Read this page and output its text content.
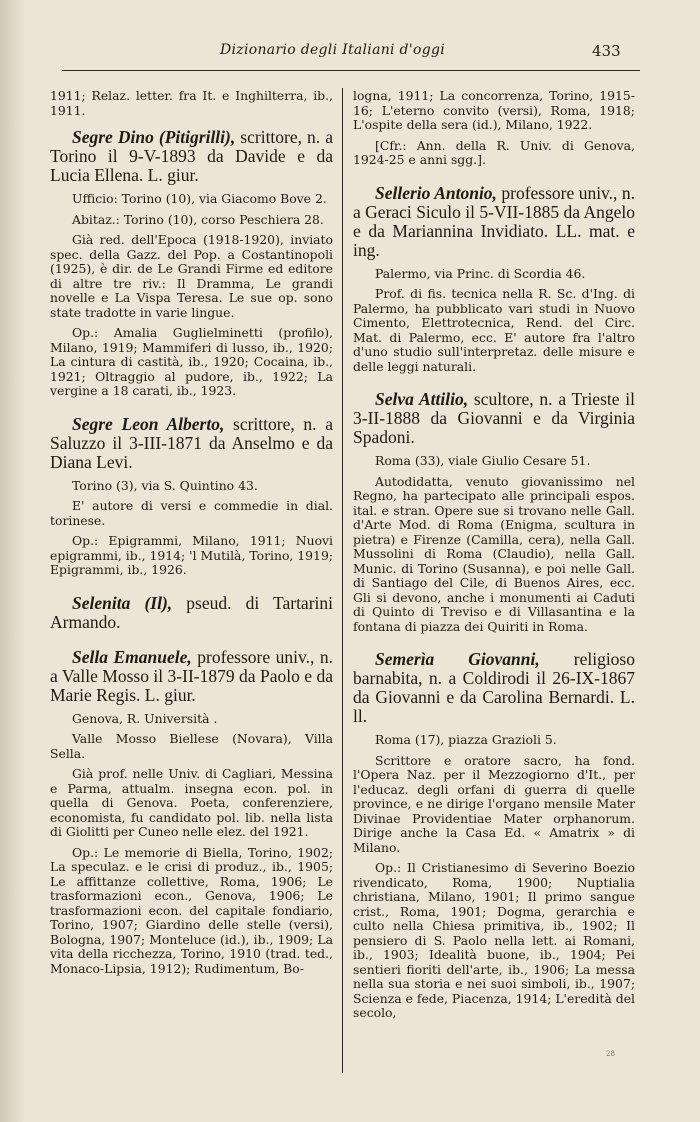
Dizionario degli Italiani d'oggi	433

1911; Relaz. letter. fra It. e Inghilterra, ib., 1911.

Segre Dino (Pitigrilli), scrittore, n. a Torino il 9-V-1893 da Davide e da Lucia Ellena. L. giur.

Ufficio: Torino (10), via Giacomo Bove 2.

Abitaz.: Torino (10), corso Peschiera 28.

Già red. dell'Epoca (1918-1920), inviato spec. della Gazz. del Pop. a Costantinopoli (1925), è dir. de Le Grandi Firme ed editore di altre tre riv.: Il Dramma, Le grandi novelle e La Vispa Teresa. Le sue op. sono state tradotte in varie lingue.

Op.: Amalia Guglielminetti (profilo), Milano, 1919; Mammiferi di lusso, ib., 1920; La cintura di castità, ib., 1920; Cocaina, ib., 1921; Oltraggio al pudore, ib., 1922; La vergine a 18 carati, ib., 1923.

Segre Leon Alberto, scrittore, n. a Saluzzo il 3-III-1871 da Anselmo e da Diana Levi.

Torino (3), via S. Quintino 43.

E' autore di versi e commedie in dial. torinese.

Op.: Epigrammi, Milano, 1911; Nuovi epigrammi, ib., 1914; 'l Mutilà, Torino, 1919; Epigrammi, ib., 1926.

Selenita (Il), pseud. di Tartarini Armando.

Sella Emanuele, professore univ., n. a Valle Mosso il 3-II-1879 da Paolo e da Marie Regis. L. giur.

Genova, R. Università .

Valle Mosso Biellese (Novara), Villa Sella.

Già prof. nelle Univ. di Cagliari, Messina e Parma, attualm. insegna econ. pol. in quella di Genova. Poeta, conferenziere, economista, fu candidato pol. lib. nella lista di Giolitti per Cuneo nelle elez. del 1921.

Op.: Le memorie di Biella, Torino, 1902; La speculaz. e le crisi di produz., ib., 1905; Le affittanze collettive, Roma, 1906; Le trasformazioni econ., Genova, 1906; Le trasformazioni econ. del capitale fondiario, Torino, 1907; Giardino delle stelle (versi), Bologna, 1907; Monteluce (id.), ib., 1909; La vita della ricchezza, Torino, 1910 (trad. ted., Monaco-Lipsia, 1912); Rudimentum, Bo-

logna, 1911; La concorrenza, Torino, 1915-16; L'eterno convito (versi), Roma, 1918; L'ospite della sera (id.), Milano, 1922.

[Cfr.: Ann. della R. Univ. di Genova, 1924-25 e anni sgg.].

Sellerio Antonio, professore univ., n. a Geraci Siculo il 5-VII-1885 da Angelo e da Mariannina Invidiato. LL. mat. e ing.

Palermo, via Princ. di Scordia 46.

Prof. di fis. tecnica nella R. Sc. d'Ing. di Palermo, ha pubblicato vari studi in Nuovo Cimento, Elettrotecnica, Rend. del Circ. Mat. di Palermo, ecc. E' autore fra l'altro d'uno studio sull'interpretaz. delle misure e delle leggi naturali.

Selva Attilio, scultore, n. a Trieste il 3-II-1888 da Giovanni e da Virginia Spadoni.

Roma (33), viale Giulio Cesare 51.

Autodidatta, venuto giovanissimo nel Regno, ha partecipato alle principali espos. ital. e stran. Opere sue si trovano nelle Gall. d'Arte Mod. di Roma (Enigma, scultura in pietra) e Firenze (Camilla, cera), nella Gall. Mussolini di Roma (Claudio), nella Gall. Munic. di Torino (Susanna), e poi nelle Gall. di Santiago del Cile, di Buenos Aires, ecc. Gli si devono, anche i monumenti ai Caduti di Quinto di Treviso e di Villasantina e la fontana di piazza dei Quiriti in Roma.

Semerìa Giovanni, religioso barnabita, n. a Coldirodi il 26-IX-1867 da Giovanni e da Carolina Bernardi. L. ll.

Roma (17), piazza Grazioli 5.

Scrittore e oratore sacro, ha fond. l'Opera Naz. per il Mezzogiorno d'It., per l'educaz. degli orfani di guerra di quelle province, e ne dirige l'organo mensile Mater Divinae Providentiae Mater orphanorum. Dirige anche la Casa Ed. « Amatrix » di Milano.

Op.: Il Cristianesimo di Severino Boezio rivendicato, Roma, 1900; Nuptialia christiana, Milano, 1901; Il primo sangue crist., Roma, 1901; Dogma, gerarchia e culto nella Chiesa primitiva, ib., 1902; Il pensiero di S. Paolo nella lett. ai Romani, ib., 1903; Idealità buone, ib., 1904; Pei sentieri fioriti dell'arte, ib., 1906; La messa nella sua storia e nei suoi simboli, ib., 1907; Scienza e fede, Piacenza, 1914; L'eredità del secolo,

28
